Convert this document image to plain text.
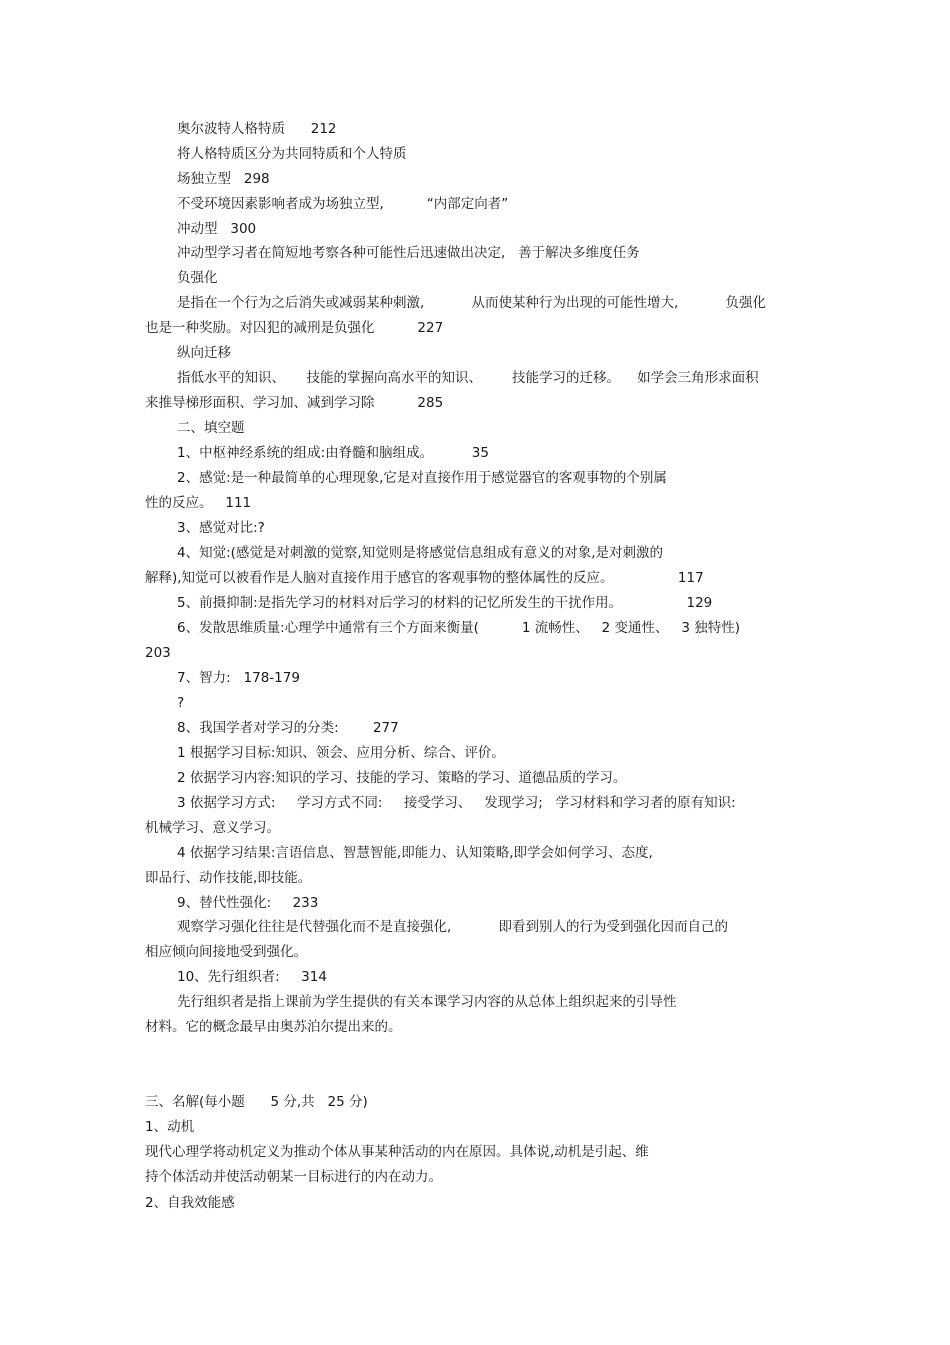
奥尔波特人格特质      212
将人格特质区分为共同特质和个人特质
场独立型   298
不受环境因素影响者成为场独立型,          “内部定向者”
冲动型   300
冲动型学习者在简短地考察各种可能性后迅速做出决定,   善于解决多维度任务
负强化
是指在一个行为之后消失或减弱某种刺激,           从而使某种行为出现的可能性增大,           负强化
也是一种奖励。对囚犯的减刑是负强化          227
纵向迁移
指低水平的知识、     技能的掌握向高水平的知识、       技能学习的迁移。    如学会三角形求面积
来推导梯形面积、学习加、减到学习除          285
二、填空题
1、中枢神经系统的组成:由脊髓和脑组成。         35
2、感觉:是一种最简单的心理现象,它是对直接作用于感觉器官的客观事物的个别属
性的反应。   111
3、感觉对比:?
4、知觉:(感觉是对刺激的觉察,知觉则是将感觉信息组成有意义的对象,是对刺激的
解释),知觉可以被看作是人脑对直接作用于感官的客观事物的整体属性的反应。               117
5、前摄抑制:是指先学习的材料对后学习的材料的记忆所发生的干扰作用。               129
6、发散思维质量:心理学中通常有三个方面来衡量(          1 流畅性、   2 变通性、   3 独特性)
203
7、智力:   178-179
?
8、我国学者对学习的分类:        277
1 根据学习目标:知识、领会、应用分析、综合、评价。
2 依据学习内容:知识的学习、技能的学习、策略的学习、道德品质的学习。
3 依据学习方式:     学习方式不同:     接受学习、   发现学习;   学习材料和学习者的原有知识:
机械学习、意义学习。
4 依据学习结果:言语信息、智慧智能,即能力、认知策略,即学会如何学习、态度,
即品行、动作技能,即技能。
9、替代性强化:     233
观察学习强化往往是代替强化而不是直接强化,           即看到别人的行为受到强化因而自己的
相应倾向间接地受到强化。
10、先行组织者:     314
先行组织者是指上课前为学生提供的有关本课学习内容的从总体上组织起来的引导性
材料。它的概念最早由奥苏泊尔提出来的。
三、名解(每小题      5 分,共   25 分)
1、动机
现代心理学将动机定义为推动个体从事某种活动的内在原因。具体说,动机是引起、维
持个体活动并使活动朝某一目标进行的内在动力。
2、自我效能感
